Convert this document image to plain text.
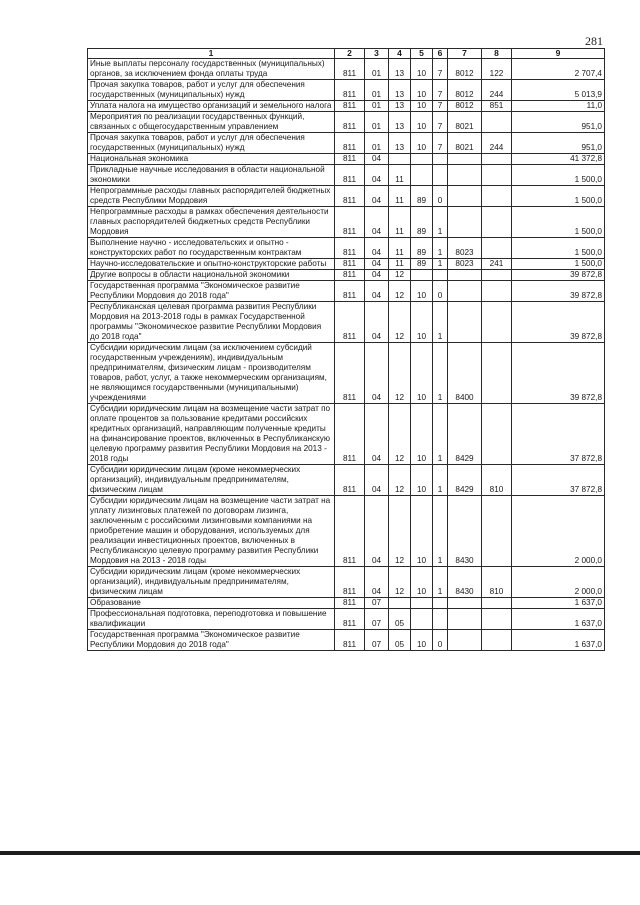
281
1	2	3	4	5	6	7	8	9
Иные выплаты персоналу государственных (муниципальных) органов, за исключением фонда оплаты труда	811	01	13	10	7	8012	122	2 707,4
Прочая закупка товаров, работ и услуг для обеспечения государственных (муниципальных) нужд	811	01	13	10	7	8012	244	5 013,9
Уплата налога на имущество организаций и земельного налога	811	01	13	10	7	8012	851	11,0
Мероприятия по реализации государственных функций, связанных с общегосударственным управлением	811	01	13	10	7	8021		951,0
Прочая закупка товаров, работ и услуг для обеспечения государственных (муниципальных) нужд	811	01	13	10	7	8021	244	951,0
Национальная экономика	811	04						41 372,8
Прикладные научные исследования в области национальной экономики	811	04	11					1 500,0
Непрограммные расходы главных распорядителей бюджетных средств Республики Мордовия	811	04	11	89	0			1 500,0
Непрограммные расходы в рамках обеспечения деятельности главных распорядителей бюджетных средств Республики Мордовия	811	04	11	89	1			1 500,0
Выполнение научно - исследовательских и опытно - конструкторских работ по государственным контрактам	811	04	11	89	1	8023		1 500,0
Научно-исследовательские и опытно-конструкторские работы	811	04	11	89	1	8023	241	1 500,0
Другие вопросы в области национальной экономики	811	04	12					39 872,8
Государственная программа "Экономическое развитие Республики Мордовия до 2018 года"	811	04	12	10	0			39 872,8
Республиканская целевая программа развития Республики Мордовия на 2013-2018 годы в рамках Государственной программы "Экономическое развитие Республики Мордовия до 2018 года"	811	04	12	10	1			39 872,8
Субсидии юридическим лицам (за исключением субсидий государственным учреждениям), индивидуальным предпринимателям, физическим лицам - производителям товаров, работ, услуг, а также некоммерческим организациям, не являющимся государственными (муниципальными) учреждениями	811	04	12	10	1	8400		39 872,8
Субсидии юридическим лицам на возмещение части затрат по оплате процентов за пользование кредитами российских кредитных организаций, направляющим полученные кредиты на финансирование проектов, включенных в Республиканскую целевую программу развития Республики Мордовия на 2013 - 2018 годы	811	04	12	10	1	8429		37 872,8
Субсидии юридическим лицам (кроме некоммерческих организаций), индивидуальным предпринимателям, физическим лицам	811	04	12	10	1	8429	810	37 872,8
Субсидии юридическим лицам на возмещение части затрат на уплату лизинговых платежей по договорам лизинга, заключенным с российскими лизинговыми компаниями на приобретение машин и оборудования, используемых для реализации инвестиционных проектов, включенных в Республиканскую целевую программу развития Республики Мордовия на 2013 - 2018 годы	811	04	12	10	1	8430		2 000,0
Субсидии юридическим лицам (кроме некоммерческих организаций), индивидуальным предпринимателям, физическим лицам	811	04	12	10	1	8430	810	2 000,0
Образование	811	07						1 637,0
Профессиональная подготовка, переподготовка и повышение квалификации	811	07	05					1 637,0
Государственная программа "Экономическое развитие Республики Мордовия до 2018 года"	811	07	05	10	0			1 637,0
